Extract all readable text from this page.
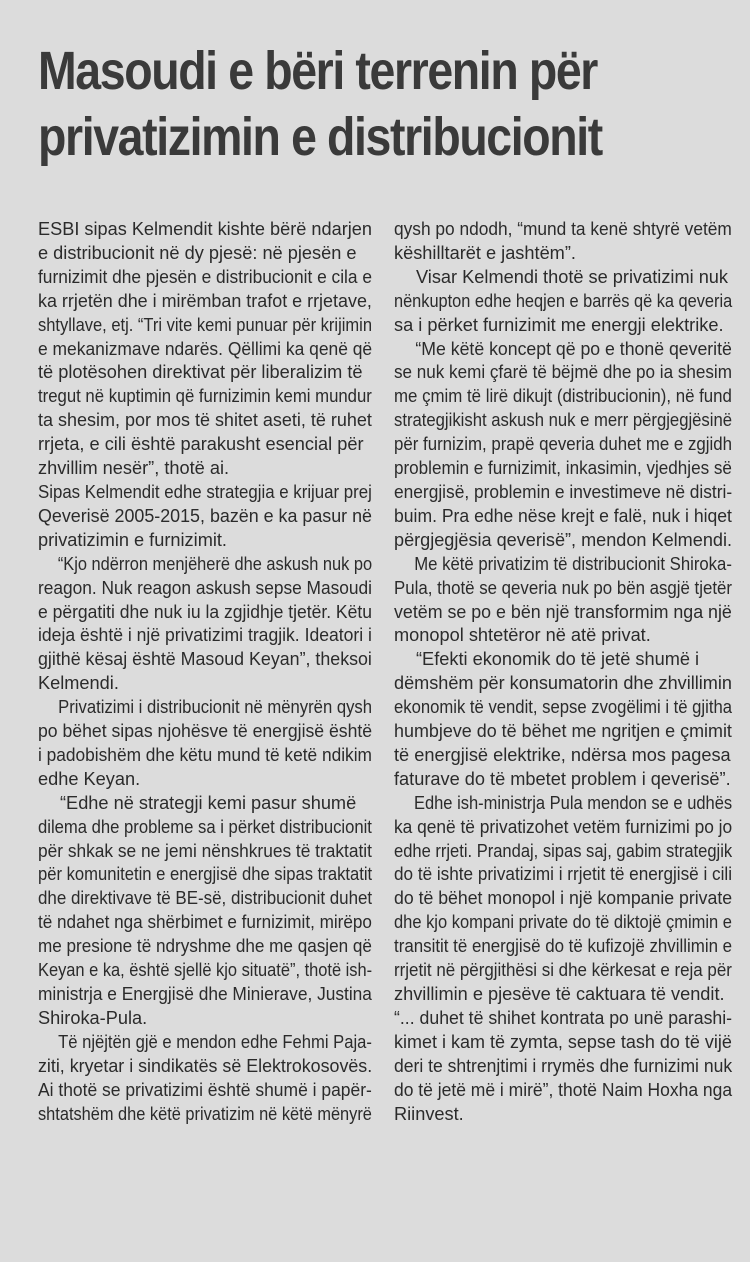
Masoudi e bëri terrenin për
privatizimin e distribucionit

ESBI sipas Kelmendit kishte bërë ndarjen
e distribucionit në dy pjesë: në pjesën e
furnizimit dhe pjesën e distribucionit e cila e
ka rrjetën dhe i mirëmban trafot e rrjetave,
shtyllave, etj. “Tri vite kemi punuar për krijimin
e mekanizmave ndarës. Qëllimi ka qenë që
të plotësohen direktivat për liberalizim të
tregut në kuptimin që furnizimin kemi mundur
ta shesim, por mos të shitet aseti, të ruhet
rrjeta, e cili është parakusht esencial për
zhvillim nesër”, thotë ai.

Sipas Kelmendit edhe strategjia e krijuar prej
Qeverisë 2005-2015, bazën e ka pasur në
privatizimin e furnizimit.

“Kjo ndërron menjëherë dhe askush nuk po
reagon. Nuk reagon askush sepse Masoudi
e përgatiti dhe nuk iu la zgjidhje tjetër. Këtu
ideja është i një privatizimi tragjik. Ideatori i
gjithë kësaj është Masoud Keyan”, theksoi
Kelmendi.

Privatizimi i distribucionit në mënyrën qysh
po bëhet sipas njohësve të energjisë është
i padobishëm dhe këtu mund të ketë ndikim
edhe Keyan.

“Edhe në strategji kemi pasur shumë
dilema dhe probleme sa i përket distribucionit
për shkak se ne jemi nënshkrues të traktatit
për komunitetin e energjisë dhe sipas traktatit
dhe direktivave të BE-së, distribucionit duhet
të ndahet nga shërbimet e furnizimit, mirëpo
me presione të ndryshme dhe me qasjen që
Keyan e ka, është sjellë kjo situatë”, thotë ish-
ministrja e Energjisë dhe Minierave, Justina
Shiroka-Pula.

Të njëjtën gjë e mendon edhe Fehmi Paja-
ziti, kryetar i sindikatës së Elektrokosovës.
Ai thotë se privatizimi është shumë i papër-
shtatshëm dhe këtë privatizim në këtë mënyrë

qysh po ndodh, “mund ta kenë shtyrë vetëm
këshilltarët e jashtëm”.

Visar Kelmendi thotë se privatizimi nuk
nënkupton edhe heqjen e barrës që ka qeveria
sa i përket furnizimit me energji elektrike.

“Me këtë koncept që po e thonë qeveritë
se nuk kemi çfarë të bëjmë dhe po ia shesim
me çmim të lirë dikujt (distribucionin), në fund
strategjikisht askush nuk e merr përgjegjësinë
për furnizim, prapë qeveria duhet me e zgjidh
problemin e furnizimit, inkasimin, vjedhjes së
energjisë, problemin e investimeve në distri-
buim. Pra edhe nëse krejt e falë, nuk i hiqet
përgjegjësia qeverisë”, mendon Kelmendi.

Me këtë privatizim të distribucionit Shiroka-
Pula, thotë se qeveria nuk po bën asgjë tjetër
vetëm se po e bën një transformim nga një
monopol shtetëror në atë privat.

“Efekti ekonomik do të jetë shumë i
dëmshëm për konsumatorin dhe zhvillimin
ekonomik të vendit, sepse zvogëlimi i të gjitha
humbjeve do të bëhet me ngritjen e çmimit
të energjisë elektrike, ndërsa mos pagesa
faturave do të mbetet problem i qeverisë”.

Edhe ish-ministrja Pula mendon se e udhës
ka qenë të privatizohet vetëm furnizimi po jo
edhe rrjeti. Prandaj, sipas saj, gabim strategjik
do të ishte privatizimi i rrjetit të energjisë i cili
do të bëhet monopol i një kompanie private
dhe kjo kompani private do të diktojë çmimin e
transitit të energjisë do të kufizojë zhvillimin e
rrjetit në përgjithësi si dhe kërkesat e reja për
zhvillimin e pjesëve të caktuara të vendit.

“... duhet të shihet kontrata po unë parashi-
kimet i kam të zymta, sepse tash do të vijë
deri te shtrenjtimi i rrymës dhe furnizimi nuk
do të jetë më i mirë”, thotë Naim Hoxha nga
Riinvest.
